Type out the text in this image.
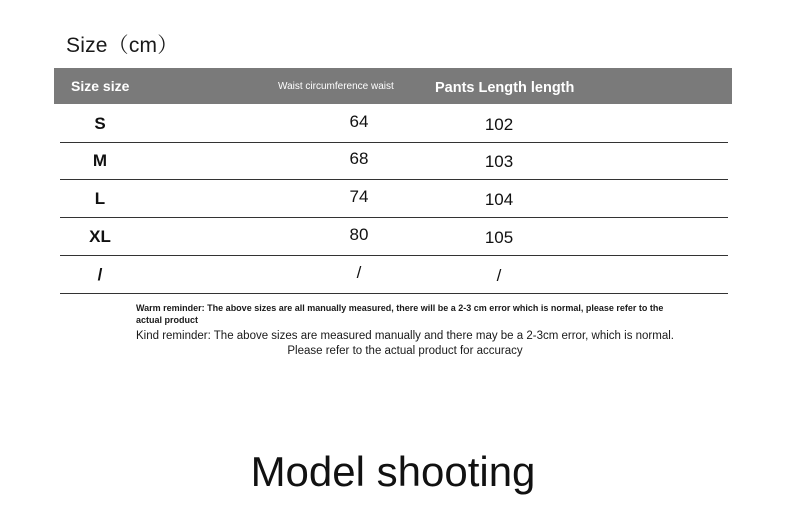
Size（cm）
Size size	Waist circumference waist	Pants Length length
S	64	102
M	68	103
L	74	104
XL	80	105
/	/	/
Warm reminder: The above sizes are all manually measured, there will be a 2-3 cm error which is normal, please refer to the actual product
Kind reminder: The above sizes are measured manually and there may be a 2-3cm error, which is normal.
Please refer to the actual product for accuracy
Model shooting
